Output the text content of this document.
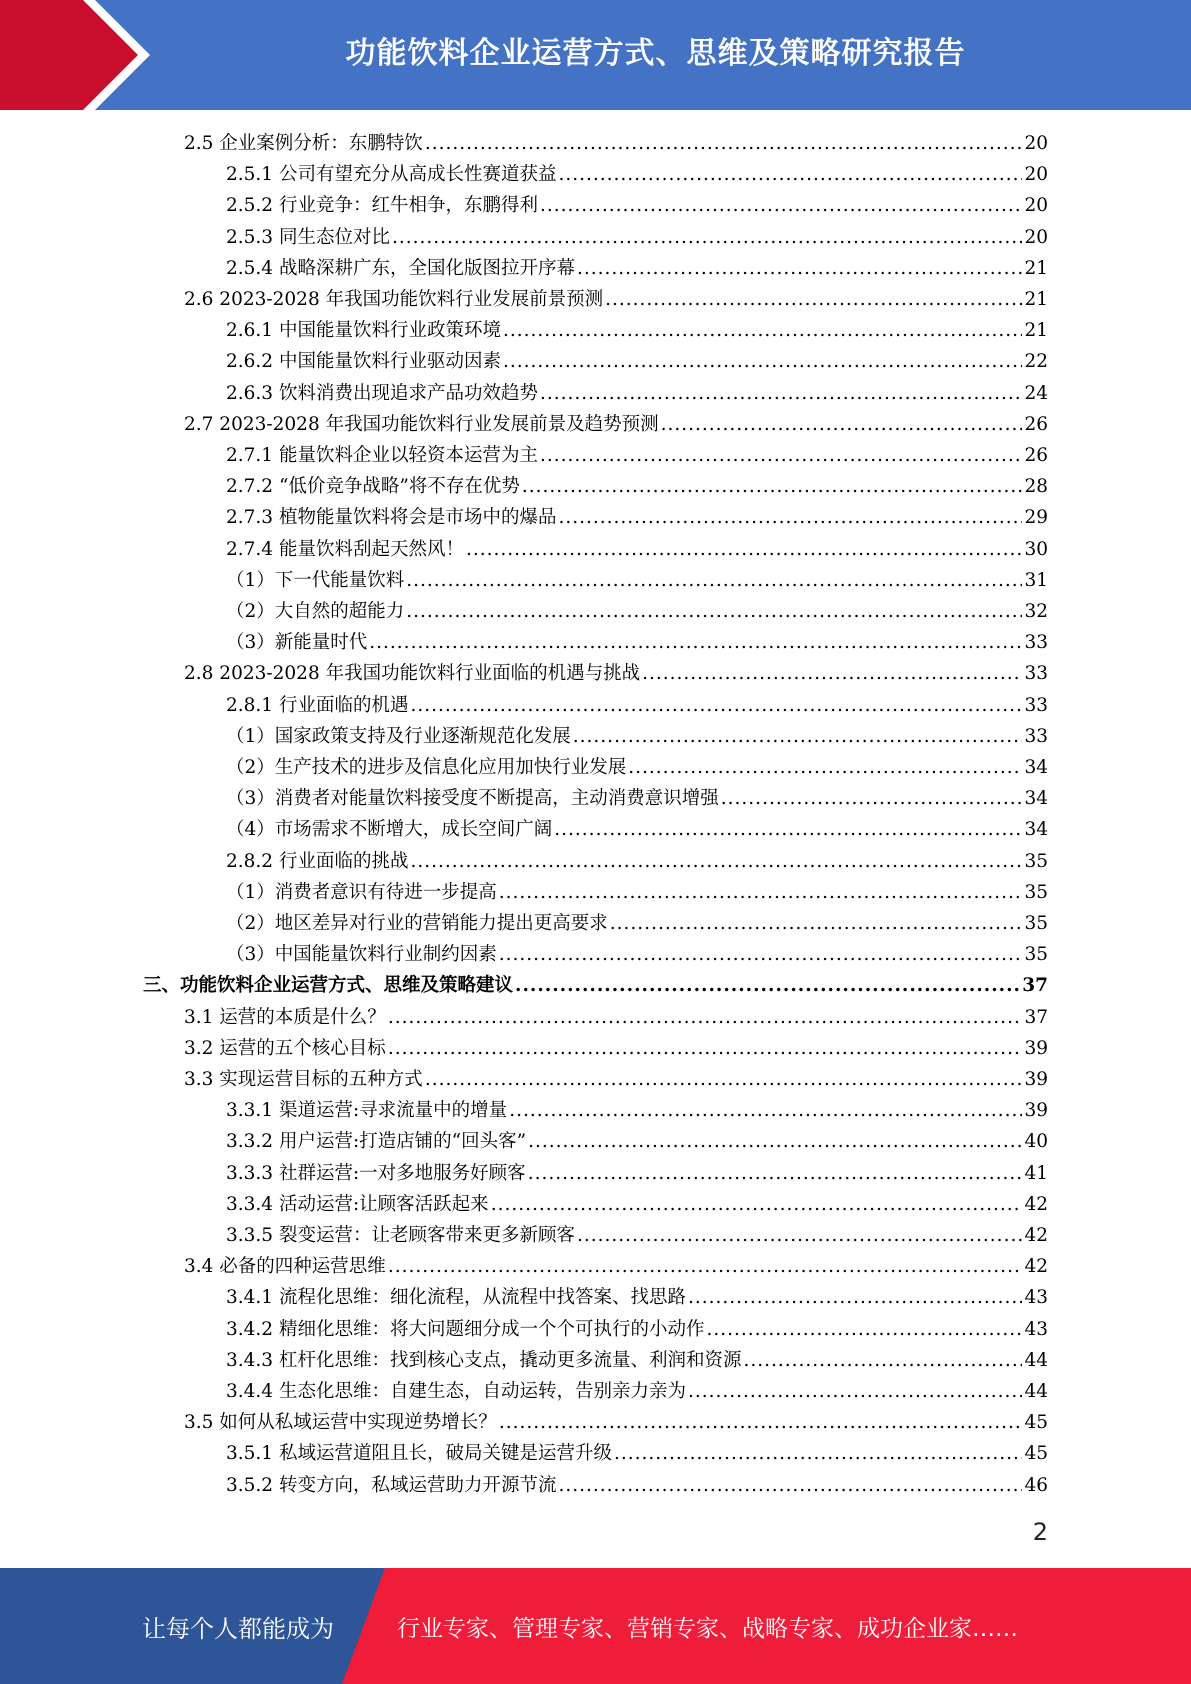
功能饮料企业运营方式、思维及策略研究报告
2.5 企业案例分析：东鹏特饮 .....	20
2.5.1 公司有望充分从高成长性赛道获益 .....	20
2.5.2 行业竞争：红牛相争，东鹏得利 .....	20
2.5.3 同生态位对比 .....	20
2.5.4 战略深耕广东，全国化版图拉开序幕 .....	21
2.6 2023-2028 年我国功能饮料行业发展前景预测 .....	21
2.6.1 中国能量饮料行业政策环境 .....	21
2.6.2 中国能量饮料行业驱动因素 .....	22
2.6.3 饮料消费出现追求产品功效趋势 .....	24
2.7 2023-2028 年我国功能饮料行业发展前景及趋势预测 .....	26
2.7.1 能量饮料企业以轻资本运营为主 .....	26
2.7.2 “低价竞争战略”将不存在优势 .....	28
2.7.3 植物能量饮料将会是市场中的爆品 .....	29
2.7.4 能量饮料刮起天然风！ .....	30
（1）下一代能量饮料 .....	31
（2）大自然的超能力 .....	32
（3）新能量时代 .....	33
2.8 2023-2028 年我国功能饮料行业面临的机遇与挑战 .....	33
2.8.1 行业面临的机遇 .....	33
（1）国家政策支持及行业逐渐规范化发展 .....	33
（2）生产技术的进步及信息化应用加快行业发展 .....	34
（3）消费者对能量饮料接受度不断提高，主动消费意识增强 .....	34
（4）市场需求不断增大，成长空间广阔 .....	34
2.8.2 行业面临的挑战 .....	35
（1）消费者意识有待进一步提高 .....	35
（2）地区差异对行业的营销能力提出更高要求 .....	35
（3）中国能量饮料行业制约因素 .....	35
三、功能饮料企业运营方式、思维及策略建议 .....	37
3.1 运营的本质是什么？ .....	37
3.2 运营的五个核心目标 .....	39
3.3 实现运营目标的五种方式 .....	39
3.3.1 渠道运营:寻求流量中的增量 .....	39
3.3.2 用户运营:打造店铺的“回头客” .....	40
3.3.3 社群运营:一对多地服务好顾客 .....	41
3.3.4 活动运营:让顾客活跃起来 .....	42
3.3.5 裂变运营：让老顾客带来更多新顾客 .....	42
3.4 必备的四种运营思维 .....	42
3.4.1 流程化思维：细化流程，从流程中找答案、找思路 .....	43
3.4.2 精细化思维：将大问题细分成一个个可执行的小动作 .....	43
3.4.3 杠杆化思维：找到核心支点，撬动更多流量、利润和资源 .....	44
3.4.4 生态化思维：自建生态，自动运转，告别亲力亲为 .....	44
3.5 如何从私域运营中实现逆势增长？ .....	45
3.5.1 私域运营道阻且长，破局关键是运营升级 .....	45
3.5.2 转变方向，私域运营助力开源节流 .....	46
2
让每个人都能成为	行业专家、管理专家、营销专家、战略专家、成功企业家……
